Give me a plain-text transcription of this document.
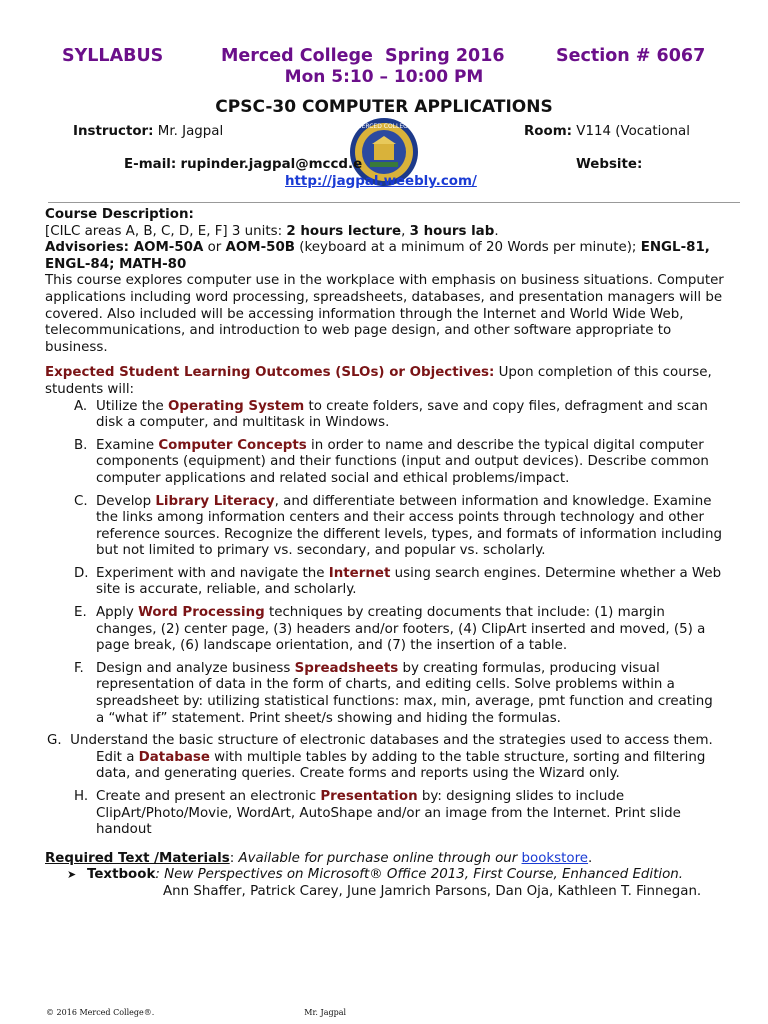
SYLLABUS	Merced College Spring 2016	Section # 6067
Mon 5:10 – 10:00 PM
CPSC-30 COMPUTER APPLICATIONS
Instructor: Mr. Jagpal	Room: V114 (Vocational
MERCED COLLEGE
E-mail: rupinder.jagpal@mccd.e	Website:
http://jagpal.weebly.com/

Course Description:

[CILC areas A, B, C, D, E, F] 3 units: 2 hours lecture, 3 hours lab.

Advisories: AOM-50A or AOM-50B (keyboard at a minimum of 20 Words per minute); ENGL-81, ENGL-84; MATH-80

This course explores computer use in the workplace with emphasis on business situations. Computer applications including word processing, spreadsheets, databases, and presentation managers will be covered. Also included will be accessing information through the Internet and World Wide Web, telecommunications, and introduction to web page design, and other software appropriate to business.

Expected Student Learning Outcomes (SLOs) or Objectives: Upon completion of this course, students will:

A. Utilize the Operating System to create folders, save and copy files, defragment and scan disk a computer, and multitask in Windows.
B. Examine Computer Concepts in order to name and describe the typical digital computer components (equipment) and their functions (input and output devices). Describe common computer applications and related social and ethical problems/impact.
C. Develop Library Literacy, and differentiate between information and knowledge. Examine the links among information centers and their access points through technology and other reference sources. Recognize the different levels, types, and formats of information including but not limited to primary vs. secondary, and popular vs. scholarly.
D. Experiment with and navigate the Internet using search engines. Determine whether a Web site is accurate, reliable, and scholarly.
E. Apply Word Processing techniques by creating documents that include: (1) margin changes, (2) center page, (3) headers and/or footers, (4) ClipArt inserted and moved, (5) a page break, (6) landscape orientation, and (7) the insertion of a table.
F. Design and analyze business Spreadsheets by creating formulas, producing visual representation of data in the form of charts, and editing cells. Solve problems within a spreadsheet by: utilizing statistical functions: max, min, average, pmt function and creating a “what if” statement. Print sheet/s showing and hiding the formulas.

G. Understand the basic structure of electronic databases and the strategies used to access them.

Edit a Database with multiple tables by adding to the table structure, sorting and filtering data, and generating queries. Create forms and reports using the Wizard only.

H. Create and present an electronic Presentation by: designing slides to include ClipArt/Photo/Movie, WordArt, AutoShape and/or an image from the Internet. Print slide handout

Required Text /Materials: Available for purchase online through our bookstore.

➤ Textbook: New Perspectives on Microsoft® Office 2013, First Course, Enhanced Edition.

Ann Shaffer, Patrick Carey, June Jamrich Parsons, Dan Oja, Kathleen T. Finnegan.

© 2016 Merced College®.	Mr. Jagpal
